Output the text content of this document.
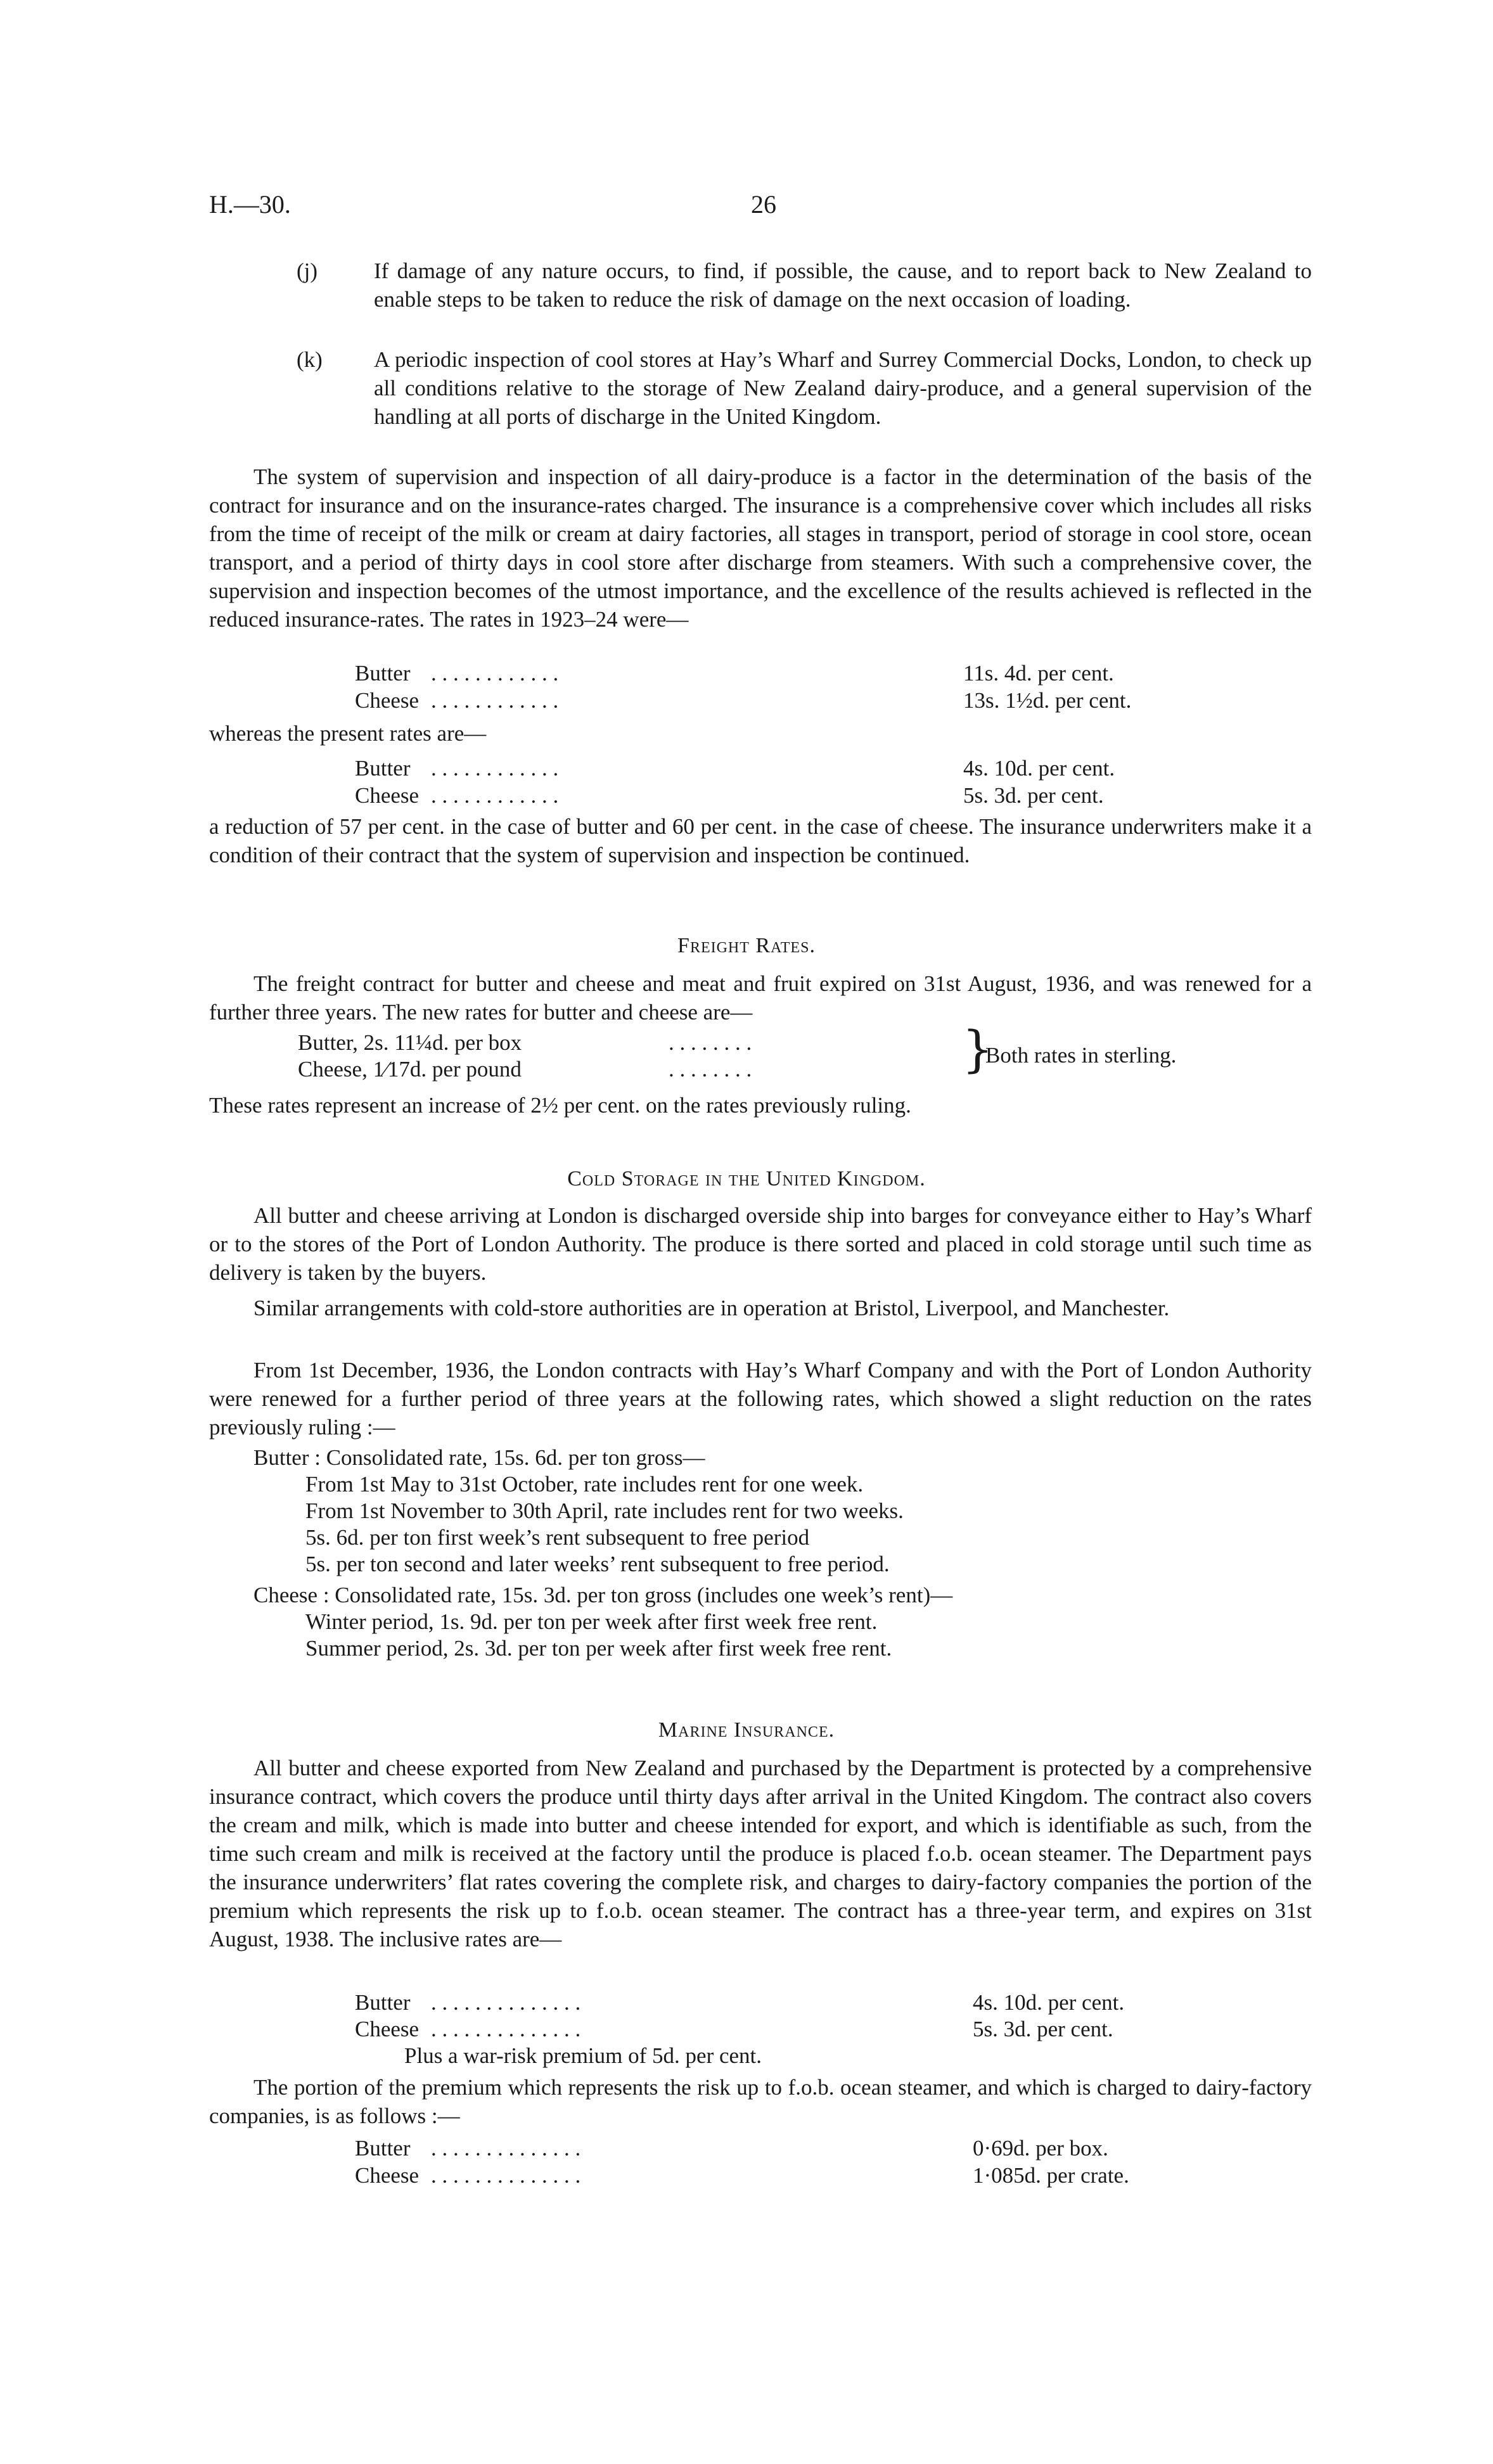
H.—30.	26
(j)	If damage of any nature occurs, to find, if possible, the cause, and to report back to New Zealand to enable steps to be taken to reduce the risk of damage on the next occasion of loading.
(k) A periodic inspection of cool stores at Hay’s Wharf and Surrey Commercial Docks, London, to check up all conditions relative to the storage of New Zealand dairy-produce, and a general supervision of the handling at all ports of discharge in the United Kingdom.
The system of supervision and inspection of all dairy-produce is a factor in the determination of the basis of the contract for insurance and on the insurance-rates charged. The insurance is a comprehensive cover which includes all risks from the time of receipt of the milk or cream at dairy factories, all stages in transport, period of storage in cool store, ocean transport, and a period of thirty days in cool store after discharge from steamers. With such a comprehensive cover, the supervision and inspection becomes of the utmost importance, and the excellence of the results achieved is reflected in the reduced insurance-rates. The rates in 1923–24 were—
Butter . . . . . . . . . . . .	11s. 4d. per cent.
Cheese . . . . . . . . . . . .	13s. 1½d. per cent.
whereas the present rates are—
Butter . . . . . . . . . . . .	4s. 10d. per cent.
Cheese . . . . . . . . . . . .	5s. 3d. per cent.
a reduction of 57 per cent. in the case of butter and 60 per cent. in the case of cheese. The insurance underwriters make it a condition of their contract that the system of supervision and inspection be continued.
Freight Rates.
The freight contract for butter and cheese and meat and fruit expired on 31st August, 1936, and was renewed for a further three years. The new rates for butter and cheese are—
Butter, 2s. 11¼d. per box	. . . . . . . .
Cheese, 1⁄17d. per pound	. . . . . . . .	}
Both rates in sterling.
These rates represent an increase of 2½ per cent. on the rates previously ruling.
Cold Storage in the United Kingdom.
All butter and cheese arriving at London is discharged overside ship into barges for conveyance either to Hay’s Wharf or to the stores of the Port of London Authority. The produce is there sorted and placed in cold storage until such time as delivery is taken by the buyers.
Similar arrangements with cold-store authorities are in operation at Bristol, Liverpool, and Manchester.
From 1st December, 1936, the London contracts with Hay’s Wharf Company and with the Port of London Authority were renewed for a further period of three years at the following rates, which showed a slight reduction on the rates previously ruling :—
Butter : Consolidated rate, 15s. 6d. per ton gross—
From 1st May to 31st October, rate includes rent for one week.
From 1st November to 30th April, rate includes rent for two weeks.
5s. 6d. per ton first week’s rent subsequent to free period
5s. per ton second and later weeks’ rent subsequent to free period.
Cheese : Consolidated rate, 15s. 3d. per ton gross (includes one week’s rent)—
Winter period, 1s. 9d. per ton per week after first week free rent.
Summer period, 2s. 3d. per ton per week after first week free rent.
Marine Insurance.
All butter and cheese exported from New Zealand and purchased by the Department is protected by a comprehensive insurance contract, which covers the produce until thirty days after arrival in the United Kingdom. The contract also covers the cream and milk, which is made into butter and cheese intended for export, and which is identifiable as such, from the time such cream and milk is received at the factory until the produce is placed f.o.b. ocean steamer. The Department pays the insurance underwriters’ flat rates covering the complete risk, and charges to dairy-factory companies the portion of the premium which represents the risk up to f.o.b. ocean steamer. The contract has a three-year term, and expires on 31st August, 1938. The inclusive rates are—
Butter . . . . . . . . . . . . . .	4s. 10d. per cent.
Cheese . . . . . . . . . . . . . .	5s. 3d. per cent.
Plus a war-risk premium of 5d. per cent.
The portion of the premium which represents the risk up to f.o.b. ocean steamer, and which is charged to dairy-factory companies, is as follows :—
Butter . . . . . . . . . . . . . .	0·69d. per box.
Cheese . . . . . . . . . . . . . .	1·085d. per crate.
